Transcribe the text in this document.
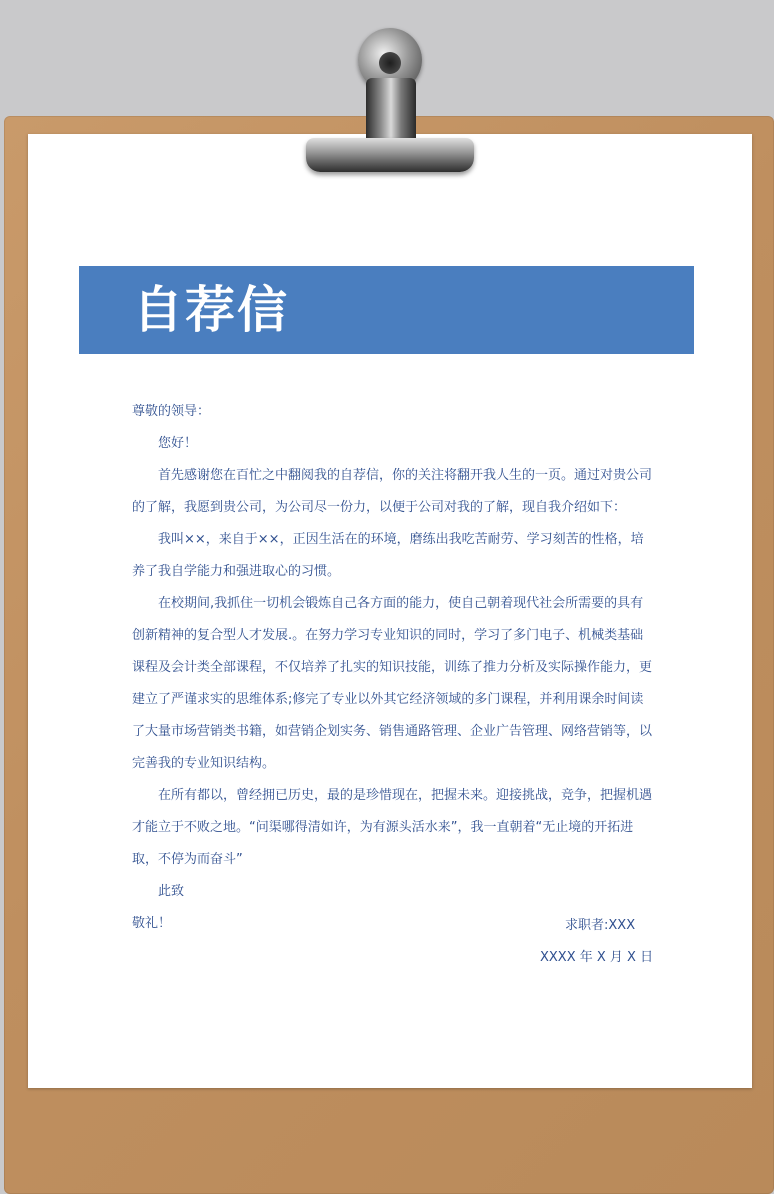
自荐信

尊敬的领导：

您好！

首先感谢您在百忙之中翻阅我的自荐信，你的关注将翻开我人生的一页。通过对贵公司的了解，我愿到贵公司，为公司尽一份力，以便于公司对我的了解，现自我介绍如下：

我叫××，来自于××，正因生活在的环境，磨练出我吃苦耐劳、学习刻苦的性格，培养了我自学能力和强进取心的习惯。

在校期间,我抓住一切机会锻炼自己各方面的能力，使自己朝着现代社会所需要的具有创新精神的复合型人才发展.。在努力学习专业知识的同时，学习了多门电子、机械类基础课程及会计类全部课程，不仅培养了扎实的知识技能，训练了推力分析及实际操作能力，更建立了严谨求实的思维体系;修完了专业以外其它经济领域的多门课程，并利用课余时间读了大量市场营销类书籍，如营销企划实务、销售通路管理、企业广告管理、网络营销等，以完善我的专业知识结构。

在所有都以，曾经拥已历史，最的是珍惜现在，把握未来。迎接挑战，竞争，把握机遇才能立于不败之地。“问渠哪得清如许，为有源头活水来”，我一直朝着“无止境的开拓进取，不停为而奋斗”

此致

敬礼！	求职者:XXX
XXXX 年 X 月 X 日
